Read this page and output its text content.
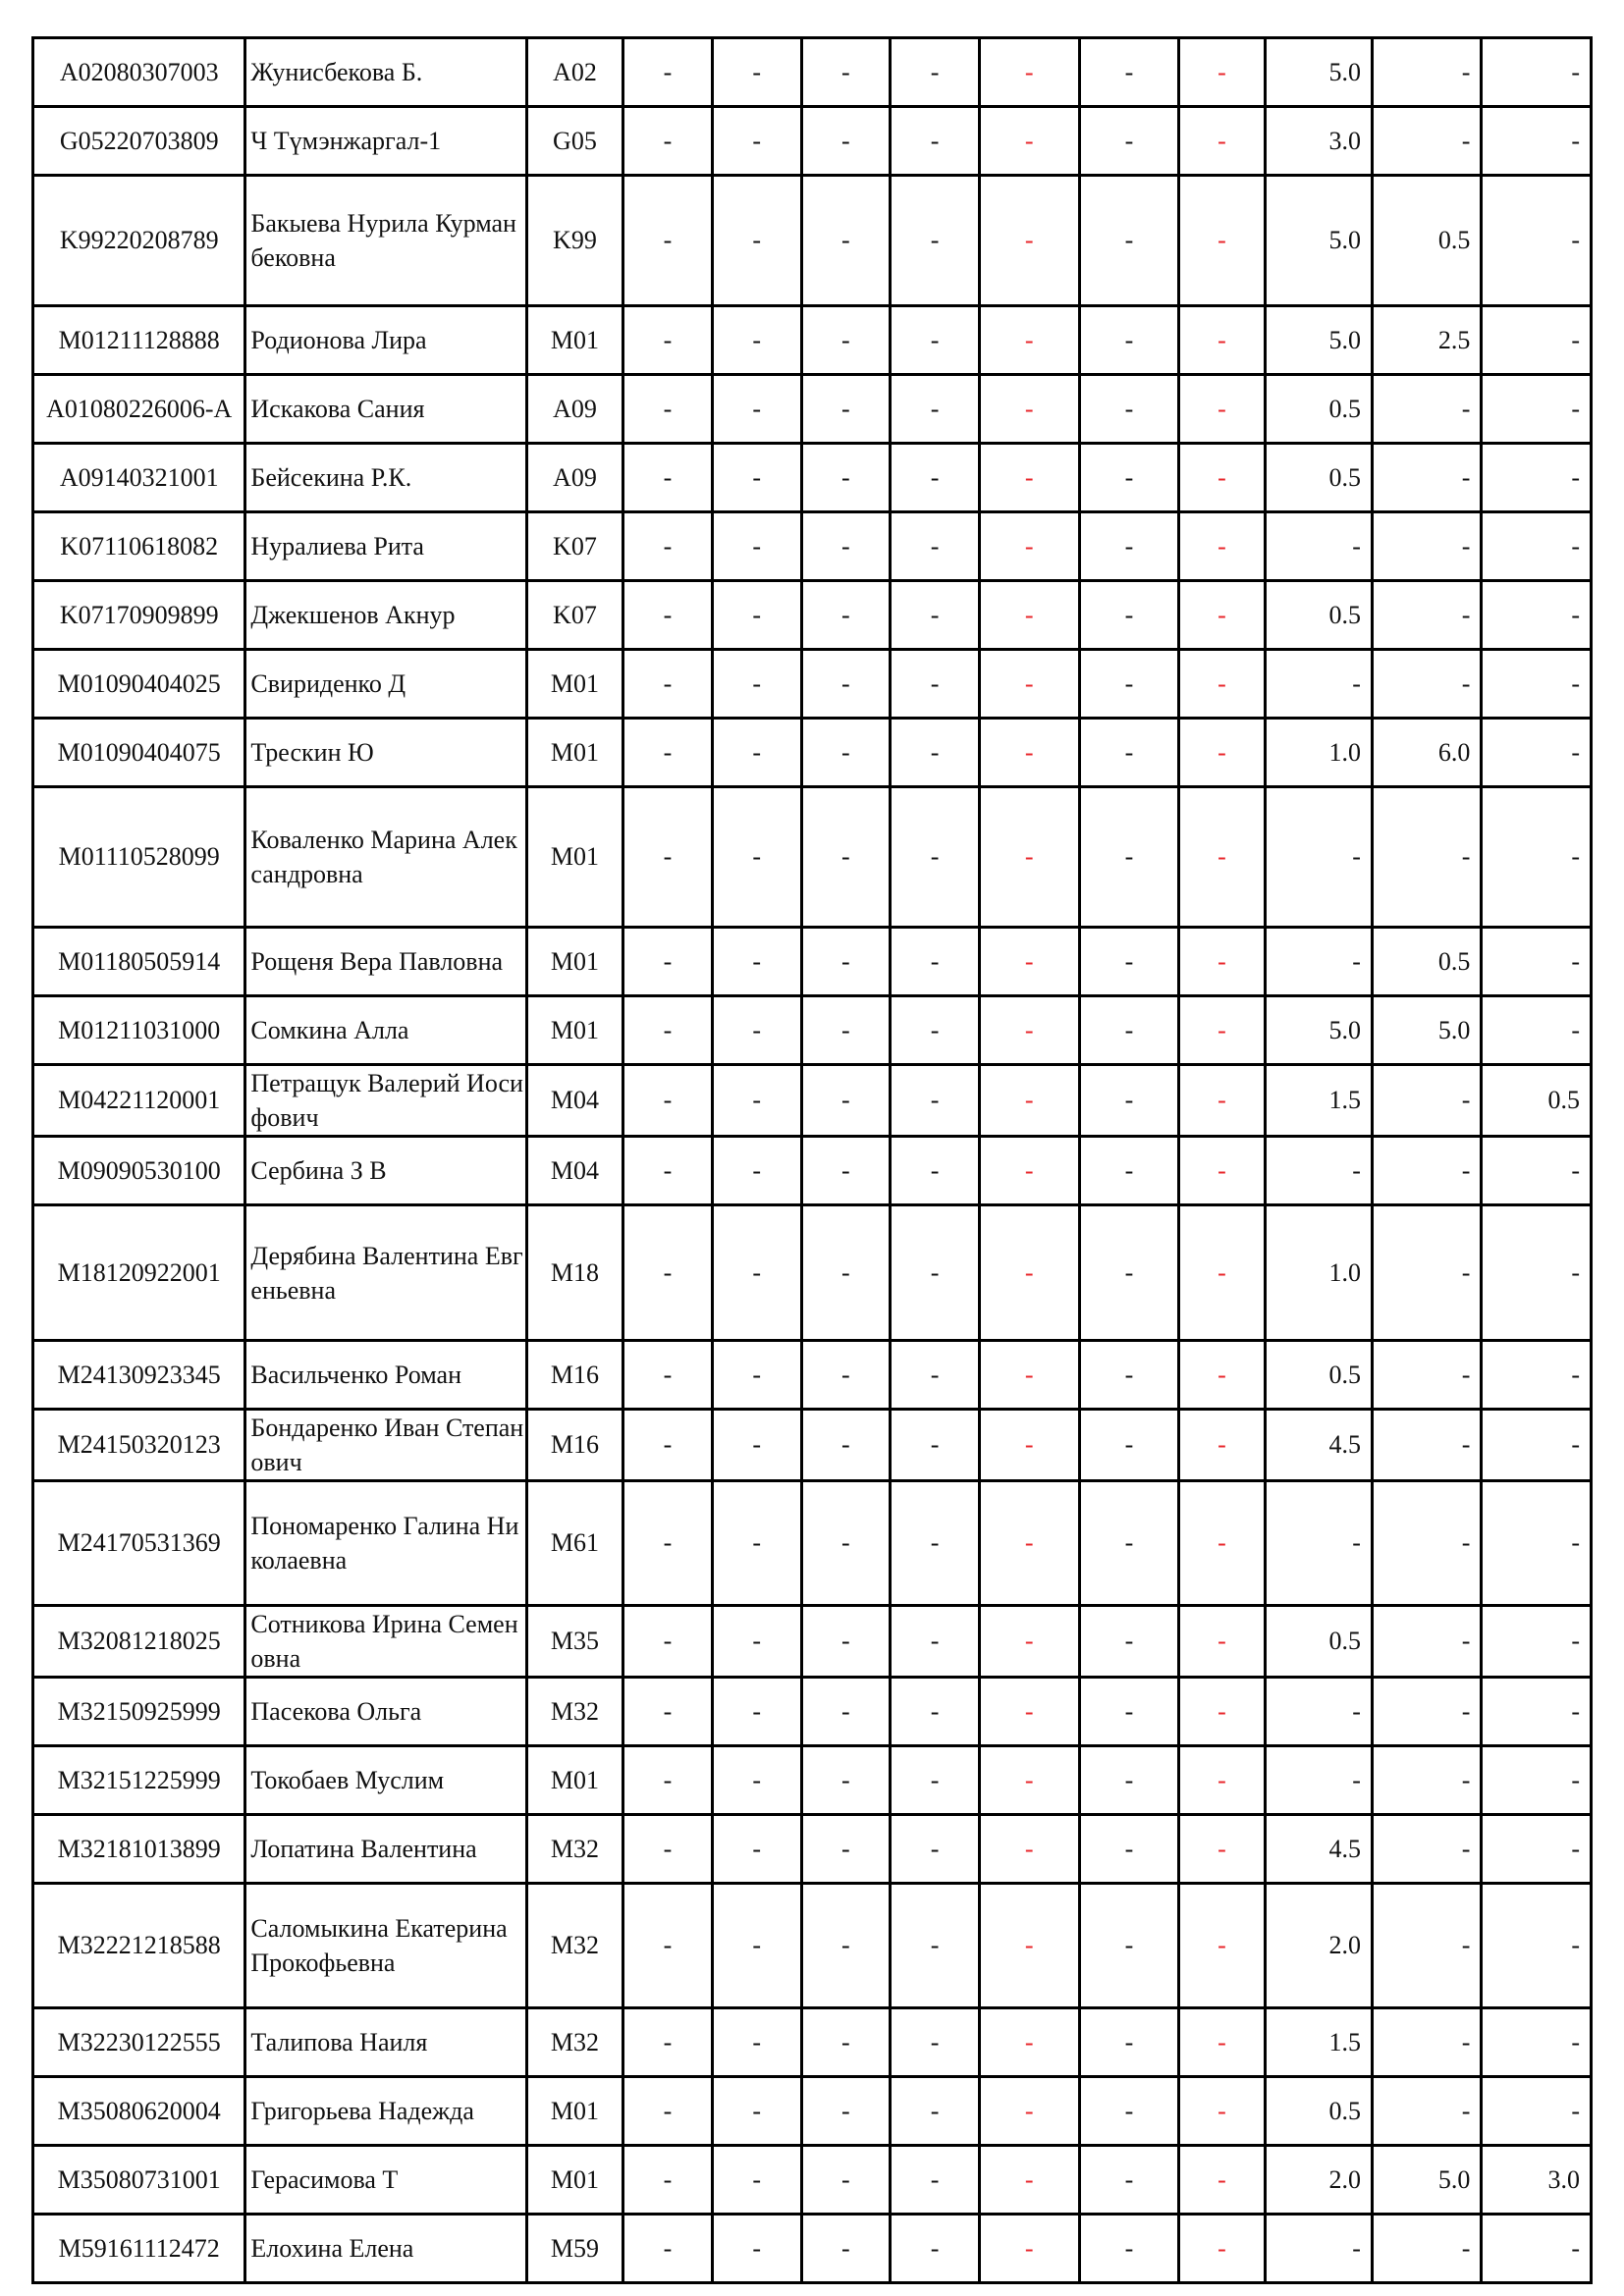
A02080307003	Жунисбекова Б.	A02	-	-	-	-	-	-	-	5.0	-	-
G05220703809	Ч Түмэнжаргал-1	G05	-	-	-	-	-	-	-	3.0	-	-
K99220208789	Бакыева Нурила Курманбековна	K99	-	-	-	-	-	-	-	5.0	0.5	-
M01211128888	Родионова Лира	M01	-	-	-	-	-	-	-	5.0	2.5	-
A01080226006-A	Искакова Сания	A09	-	-	-	-	-	-	-	0.5	-	-
A09140321001	Бейсекина Р.К.	A09	-	-	-	-	-	-	-	0.5	-	-
K07110618082	Нуралиева Рита	K07	-	-	-	-	-	-	-	-	-	-
K07170909899	Джекшенов Акнур	K07	-	-	-	-	-	-	-	0.5	-	-
M01090404025	Свириденко Д	M01	-	-	-	-	-	-	-	-	-	-
M01090404075	Трескин Ю	M01	-	-	-	-	-	-	-	1.0	6.0	-
M01110528099	Коваленко Марина Александровна	M01	-	-	-	-	-	-	-	-	-	-
M01180505914	Рощеня Вера Павловна	M01	-	-	-	-	-	-	-	-	0.5	-
M01211031000	Сомкина Алла	M01	-	-	-	-	-	-	-	5.0	5.0	-
M04221120001	Петращук Валерий Иосифович	M04	-	-	-	-	-	-	-	1.5	-	0.5
M09090530100	Сербина З В	M04	-	-	-	-	-	-	-	-	-	-
M18120922001	Дерябина Валентина Евгеньевна	M18	-	-	-	-	-	-	-	1.0	-	-
M24130923345	Васильченко Роман	M16	-	-	-	-	-	-	-	0.5	-	-
M24150320123	Бондаренко Иван Степанович	M16	-	-	-	-	-	-	-	4.5	-	-
M24170531369	Пономаренко Галина Николаевна	M61	-	-	-	-	-	-	-	-	-	-
M32081218025	Сотникова Ирина Семеновна	M35	-	-	-	-	-	-	-	0.5	-	-
M32150925999	Пасекова Ольга	M32	-	-	-	-	-	-	-	-	-	-
M32151225999	Токобаев Муслим	M01	-	-	-	-	-	-	-	-	-	-
M32181013899	Лопатина Валентина	M32	-	-	-	-	-	-	-	4.5	-	-
M32221218588	Саломыкина Екатерина Прокофьевна	M32	-	-	-	-	-	-	-	2.0	-	-
M32230122555	Талипова Наиля	M32	-	-	-	-	-	-	-	1.5	-	-
M35080620004	Григорьева Надежда	M01	-	-	-	-	-	-	-	0.5	-	-
M35080731001	Герасимова Т	M01	-	-	-	-	-	-	-	2.0	5.0	3.0
M59161112472	Елохина Елена	M59	-	-	-	-	-	-	-	-	-	-
